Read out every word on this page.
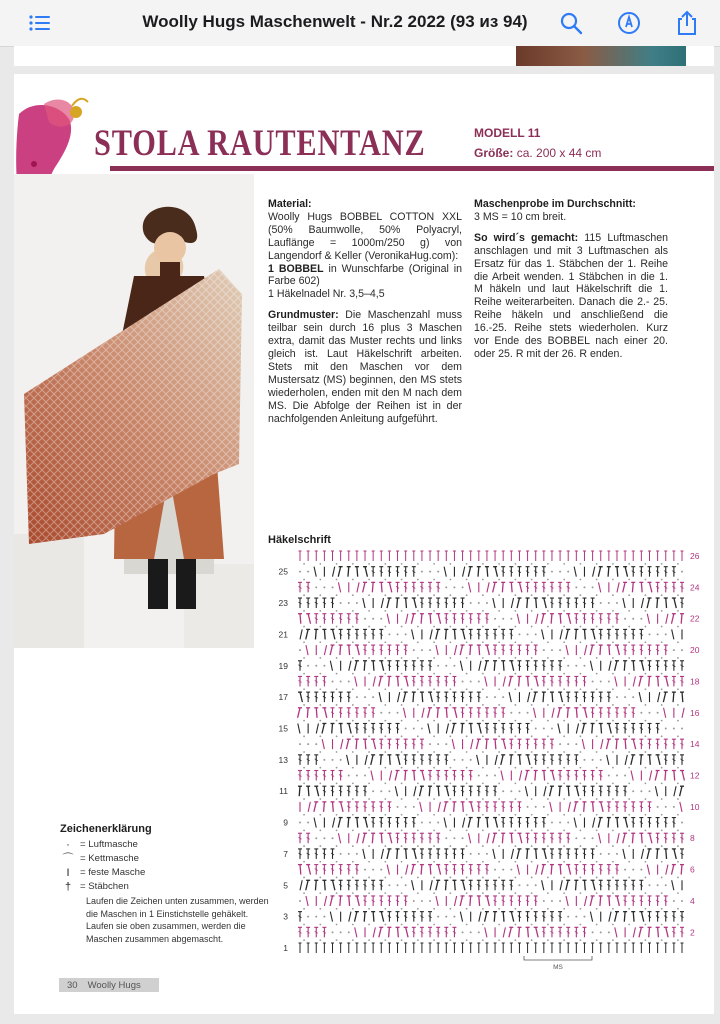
Woolly Hugs Maschenwelt - Nr.2 2022 (93 из 94)
STOLA RAUTENTANZ	MODELL 11
Größe: ca. 200 x 44 cm

Material:
Woolly Hugs BOBBEL COTTON XXL (50% Baumwolle, 50% Polyacryl, Lauflänge = 1000m/250 g) von Langendorf & Keller (VeronikaHug.com):
1 BOBBEL in Wunschfarbe (Original in Farbe 602)
1 Häkelnadel Nr. 3,5–4,5

Grundmuster: Die Maschenzahl muss teilbar sein durch 16 plus 3 Maschen extra, damit das Muster rechts und links gleich ist. Laut Häkelschrift arbeiten. Stets mit den Maschen vor dem Mustersatz (MS) beginnen, den MS stets wiederholen, enden mit den M nach dem MS. Die Abfolge der Reihen ist in der nachfolgenden Anleitung aufgeführt.

Maschenprobe im Durchschnitt:
3 MS = 10 cm breit.

So wird´s gemacht: 115 Luftmaschen anschlagen und mit 3 Luftmaschen als Ersatz für das 1. Stäbchen der 1. Reihe die Arbeit wenden. 1 Stäbchen in die 1. M häkeln und laut Häkelschrift die 1. Reihe weiterarbeiten. Danach die 2.- 25. Reihe häkeln und anschließend die 16.-25. Reihe stets wiederholen. Kurz vor Ende des BOBBEL nach einer 20. oder 25. R mit der 26. R enden.

Häkelschrift
25
23
21
19
17
15
13
11
9
7
5
3
1
26
24
22
20
18
16
14
12
10
8
6
4
2
MS
Zeichenerklärung
·	= Luftmasche
⌒ = Kettmasche
I	= feste Masche
† = Stäbchen
Laufen die Zeichen unten zusammen, werden die Maschen in 1 Einstichstelle gehäkelt. Laufen sie oben zusammen, werden die Maschen zusammen abgemascht.
30 Woolly Hugs
